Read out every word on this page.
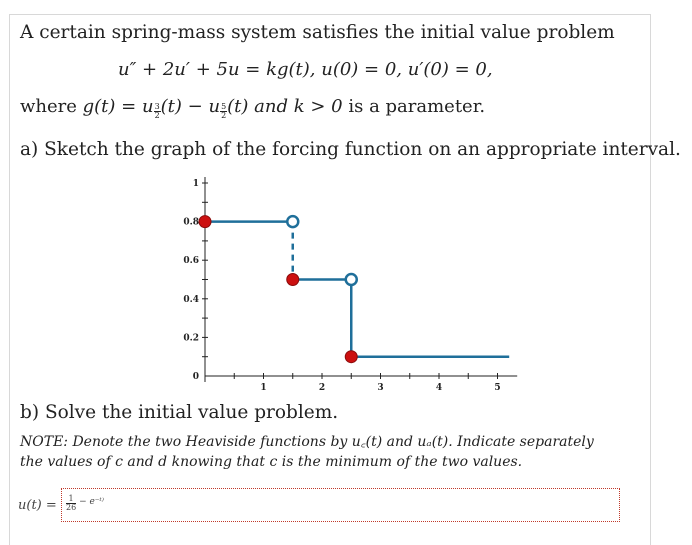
A certain spring-mass system satisfies the initial value problem
u″ + 2u′ + 5u = kg(t), u(0) = 0, u′(0) = 0,
where g(t) = u $\frac{3}{2} (t) - u \frac{5}{2} (t)$ and k > 0 is a parameter.
a) Sketch the graph of the forcing function on an appropriate interval.
1	2	3	4	5
0
0.2
0.4
0.6
0.8
1
b) Solve the initial value problem.
NOTE: Denote the two Heaviside functions by u꜀(t) and uₐ(t). Indicate separately
the values of c and d knowing that c is the minimum of the two values.
$u(t) = \frac{1}{26}$ − e⁻ᵗ⁾
